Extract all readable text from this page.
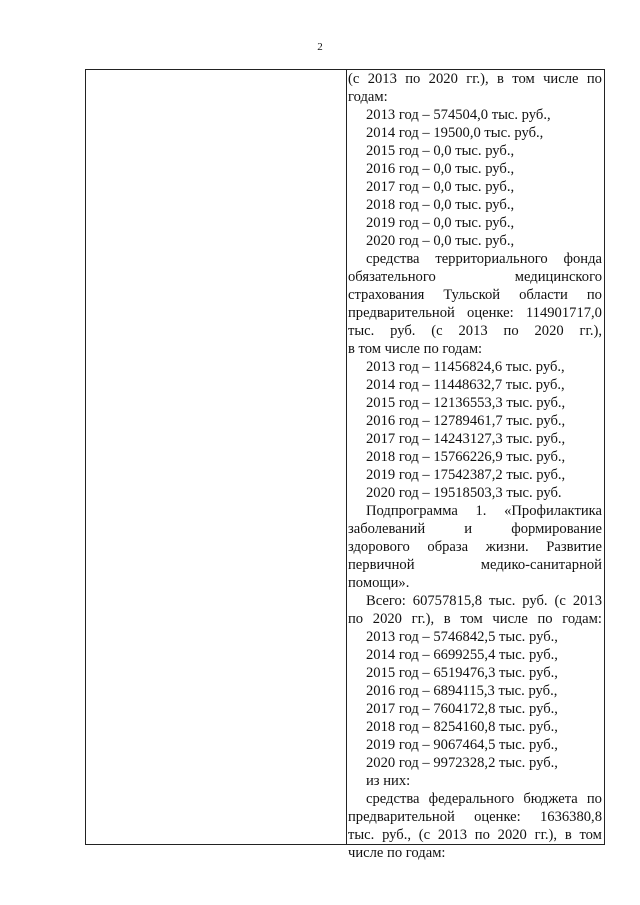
2
(с 2013 по 2020 гг.), в том числе по
годам:
2013 год – 574504,0 тыс. руб.,
2014 год – 19500,0 тыс. руб.,
2015 год – 0,0 тыс. руб.,
2016 год – 0,0 тыс. руб.,
2017 год – 0,0 тыс. руб.,
2018 год – 0,0 тыс. руб.,
2019 год – 0,0 тыс. руб.,
2020 год – 0,0 тыс. руб.,
средства территориального фонда
обязательного	медицинского
страхования Тульской области по
предварительной оценке: 114901717,0
тыс. руб. (с 2013 по 2020 гг.),
в том числе по годам:
2013 год – 11456824,6 тыс. руб.,
2014 год – 11448632,7 тыс. руб.,
2015 год – 12136553,3 тыс. руб.,
2016 год – 12789461,7 тыс. руб.,
2017 год – 14243127,3 тыс. руб.,
2018 год – 15766226,9 тыс. руб.,
2019 год – 17542387,2 тыс. руб.,
2020 год – 19518503,3 тыс. руб.
Подпрограмма 1. «Профилактика
заболеваний	и	формирование
здорового образа жизни. Развитие
первичной	медико-санитарной
помощи».
Всего: 60757815,8 тыс. руб. (с 2013
по 2020 гг.), в том числе по годам:
2013 год – 5746842,5 тыс. руб.,
2014 год – 6699255,4 тыс. руб.,
2015 год – 6519476,3 тыс. руб.,
2016 год – 6894115,3 тыс. руб.,
2017 год – 7604172,8 тыс. руб.,
2018 год – 8254160,8 тыс. руб.,
2019 год – 9067464,5 тыс. руб.,
2020 год – 9972328,2 тыс. руб.,
из них:
средства федерального бюджета по
предварительной оценке: 1636380,8
тыс. руб., (с 2013 по 2020 гг.), в том
числе по годам:
